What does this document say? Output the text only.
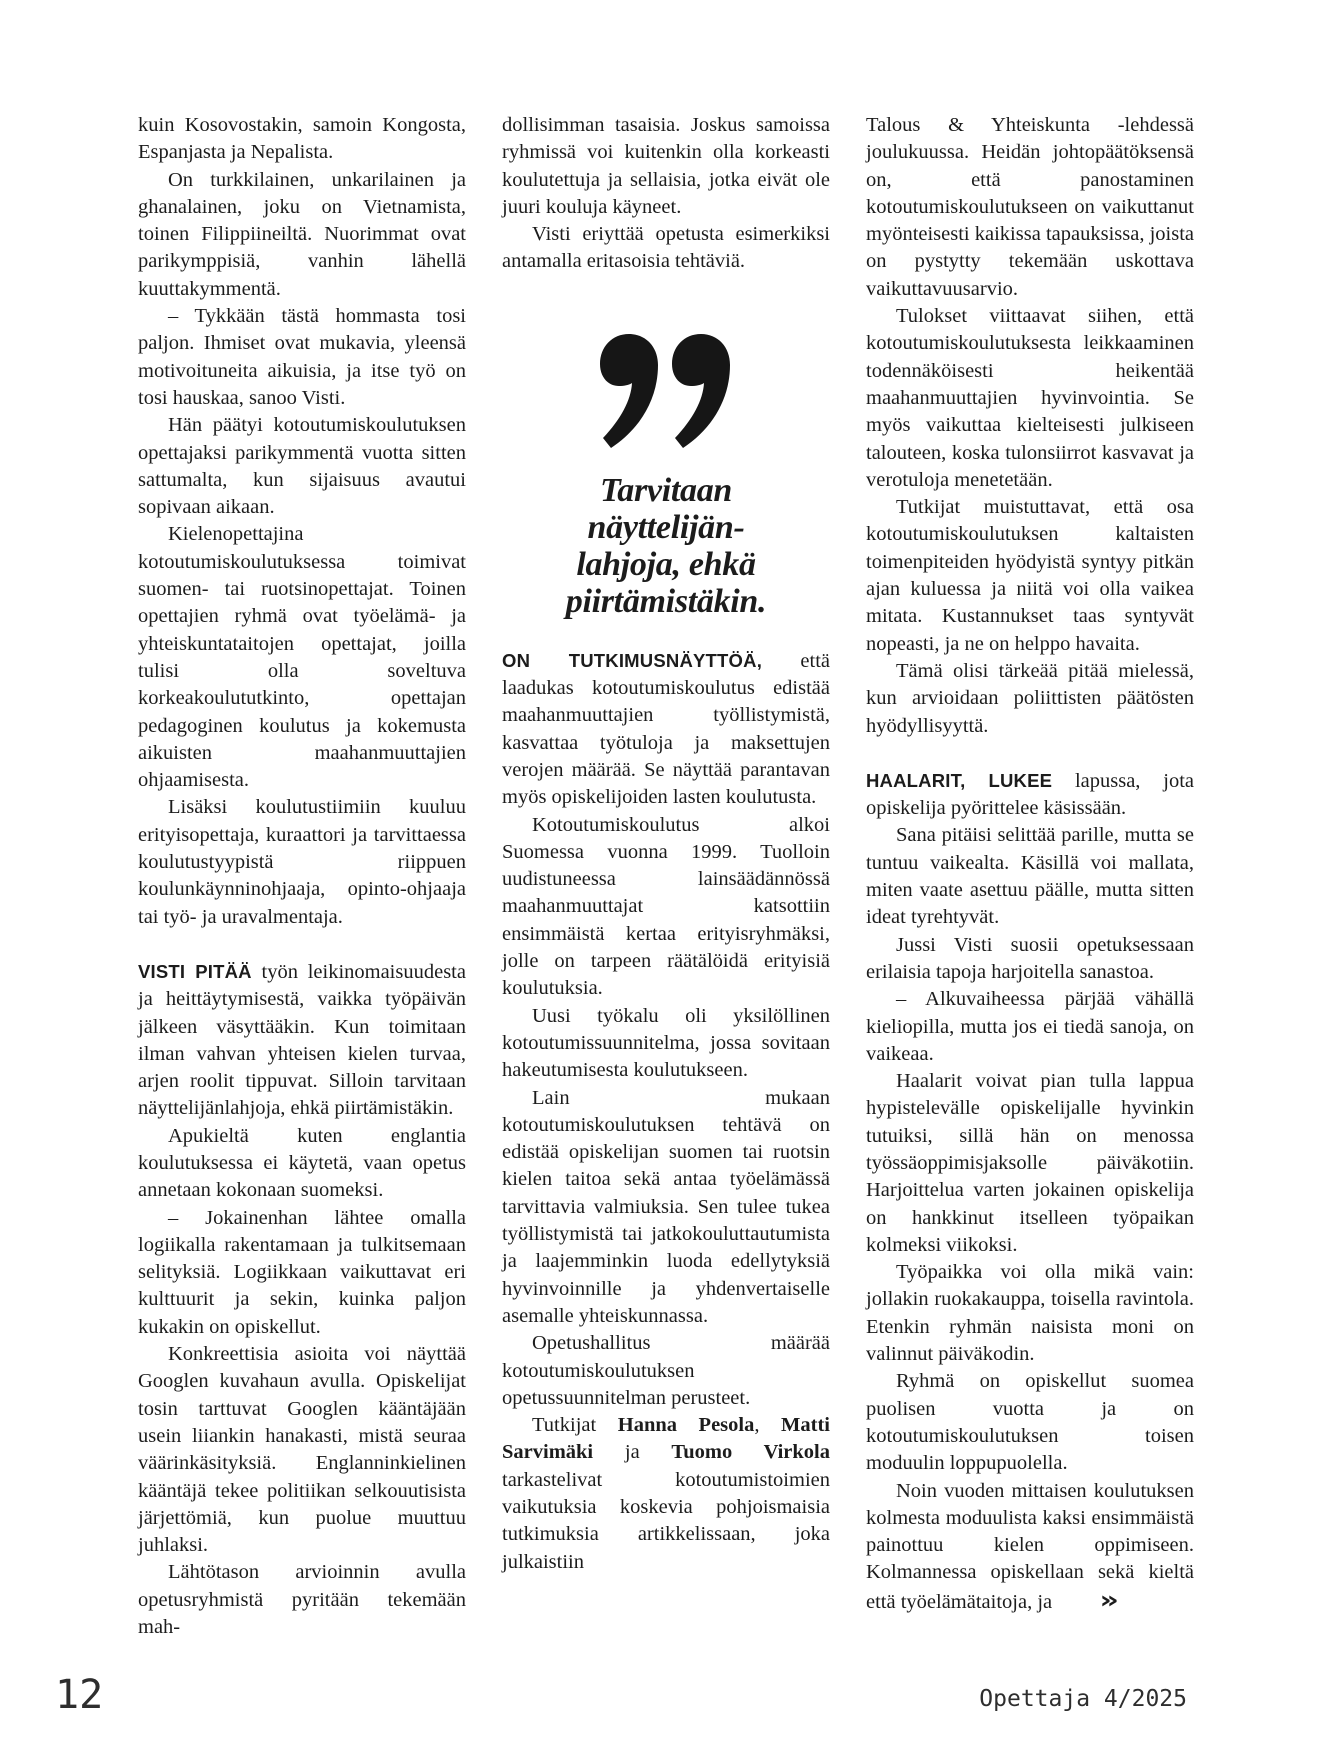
kuin Kosovostakin, samoin Kongosta, Espanjasta ja Nepalista.

On turkkilainen, unkarilainen ja ghanalainen, joku on Vietnamista, toinen Filippiineiltä. Nuorimmat ovat parikymppisiä, vanhin lähellä kuuttakymmentä.

– Tykkään tästä hommasta tosi paljon. Ihmiset ovat mukavia, yleensä motivoituneita aikuisia, ja itse työ on tosi hauskaa, sanoo Visti.

Hän päätyi kotoutumiskoulutuksen opettajaksi parikymmentä vuotta sitten sattumalta, kun sijaisuus avautui sopivaan aikaan.

Kielenopettajina kotoutumiskoulutuksessa toimivat suomen- tai ruotsinopettajat. Toinen opettajien ryhmä ovat työelämä- ja yhteiskuntataitojen opettajat, joilla tulisi olla soveltuva korkeakoulututkinto, opettajan pedagoginen koulutus ja kokemusta aikuisten maahanmuuttajien ohjaamisesta.

Lisäksi koulutustiimiin kuuluu erityisopettaja, kuraattori ja tarvittaessa koulutustyypistä riippuen koulunkäynninohjaaja, opinto-ohjaaja tai työ- ja uravalmentaja.

VISTI PITÄÄ työn leikinomaisuudesta ja heittäytymisestä, vaikka työpäivän jälkeen väsyttääkin. Kun toimitaan ilman vahvan yhteisen kielen turvaa, arjen roolit tippuvat. Silloin tarvitaan näyttelijänlahjoja, ehkä piirtämistäkin.

Apukieltä kuten englantia koulutuksessa ei käytetä, vaan opetus annetaan kokonaan suomeksi.

– Jokainenhan lähtee omalla logiikalla rakentamaan ja tulkitsemaan selityksiä. Logiikkaan vaikuttavat eri kulttuurit ja sekin, kuinka paljon kukakin on opiskellut.

Konkreettisia asioita voi näyttää Googlen kuvahaun avulla. Opiskelijat tosin tarttuvat Googlen kääntäjään usein liiankin hanakasti, mistä seuraa väärinkäsityksiä. Englanninkielinen kääntäjä tekee politiikan selkouutisista järjettömiä, kun puolue muuttuu juhlaksi.

Lähtötason arvioinnin avulla opetusryhmistä pyritään tekemään mah-

dollisimman tasaisia. Joskus samoissa ryhmissä voi kuitenkin olla korkeasti koulutettuja ja sellaisia, jotka eivät ole juuri kouluja käyneet.

Visti eriyttää opetusta esimerkiksi antamalla eritasoisia tehtäviä.

Tarvitaan
näyttelijän-
lahjoja, ehkä
piirtämistäkin.

ON TUTKIMUSNÄYTTÖÄ, että laadukas kotoutumiskoulutus edistää maahanmuuttajien työllistymistä, kasvattaa työtuloja ja maksettujen verojen määrää. Se näyttää parantavan myös opiskelijoiden lasten koulutusta.

Kotoutumiskoulutus alkoi Suomessa vuonna 1999. Tuolloin uudistuneessa lainsäädännössä maahanmuuttajat katsottiin ensimmäistä kertaa erityisryhmäksi, jolle on tarpeen räätälöidä erityisiä koulutuksia.

Uusi työkalu oli yksilöllinen kotoutumissuunnitelma, jossa sovitaan hakeutumisesta koulutukseen.

Lain mukaan kotoutumiskoulutuksen tehtävä on edistää opiskelijan suomen tai ruotsin kielen taitoa sekä antaa työelämässä tarvittavia valmiuksia. Sen tulee tukea työllistymistä tai jatkokouluttautumista ja laajemminkin luoda edellytyksiä hyvinvoinnille ja yhdenvertaiselle asemalle yhteiskunnassa.

Opetushallitus määrää kotoutumiskoulutuksen opetussuunnitelman perusteet.

Tutkijat Hanna Pesola, Matti Sarvimäki ja Tuomo Virkola tarkastelivat kotoutumistoimien vaikutuksia koskevia pohjoismaisia tutkimuksia artikkelissaan, joka julkaistiin

Talous & Yhteiskunta -lehdessä joulukuussa. Heidän johtopäätöksensä on, että panostaminen kotoutumiskoulutukseen on vaikuttanut myönteisesti kaikissa tapauksissa, joista on pystytty tekemään uskottava vaikuttavuusarvio.

Tulokset viittaavat siihen, että kotoutumiskoulutuksesta leikkaaminen todennäköisesti heikentää maahanmuuttajien hyvinvointia. Se myös vaikuttaa kielteisesti julkiseen talouteen, koska tulonsiirrot kasvavat ja verotuloja menetetään.

Tutkijat muistuttavat, että osa kotoutumiskoulutuksen kaltaisten toimenpiteiden hyödyistä syntyy pitkän ajan kuluessa ja niitä voi olla vaikea mitata. Kustannukset taas syntyvät nopeasti, ja ne on helppo havaita.

Tämä olisi tärkeää pitää mielessä, kun arvioidaan poliittisten päätösten hyödyllisyyttä.

HAALARIT, LUKEE lapussa, jota opiskelija pyörittelee käsissään.

Sana pitäisi selittää parille, mutta se tuntuu vaikealta. Käsillä voi mallata, miten vaate asettuu päälle, mutta sitten ideat tyrehtyvät.

Jussi Visti suosii opetuksessaan erilaisia tapoja harjoitella sanastoa.

– Alkuvaiheessa pärjää vähällä kieliopilla, mutta jos ei tiedä sanoja, on vaikeaa.

Haalarit voivat pian tulla lappua hypistelevälle opiskelijalle hyvinkin tutuiksi, sillä hän on menossa työssäoppimisjaksolle päiväkotiin. Harjoittelua varten jokainen opiskelija on hankkinut itselleen työpaikan kolmeksi viikoksi.

Työpaikka voi olla mikä vain: jollakin ruokakauppa, toisella ravintola. Etenkin ryhmän naisista moni on valinnut päiväkodin.

Ryhmä on opiskellut suomea puolisen vuotta ja on kotoutumiskoulutuksen toisen moduulin loppupuolella.

Noin vuoden mittaisen koulutuksen kolmesta moduulista kaksi ensimmäistä painottuu kielen oppimiseen. Kolmannessa opiskellaan sekä kieltä että työelämätaitoja, ja »

12	Opettaja 4/2025
